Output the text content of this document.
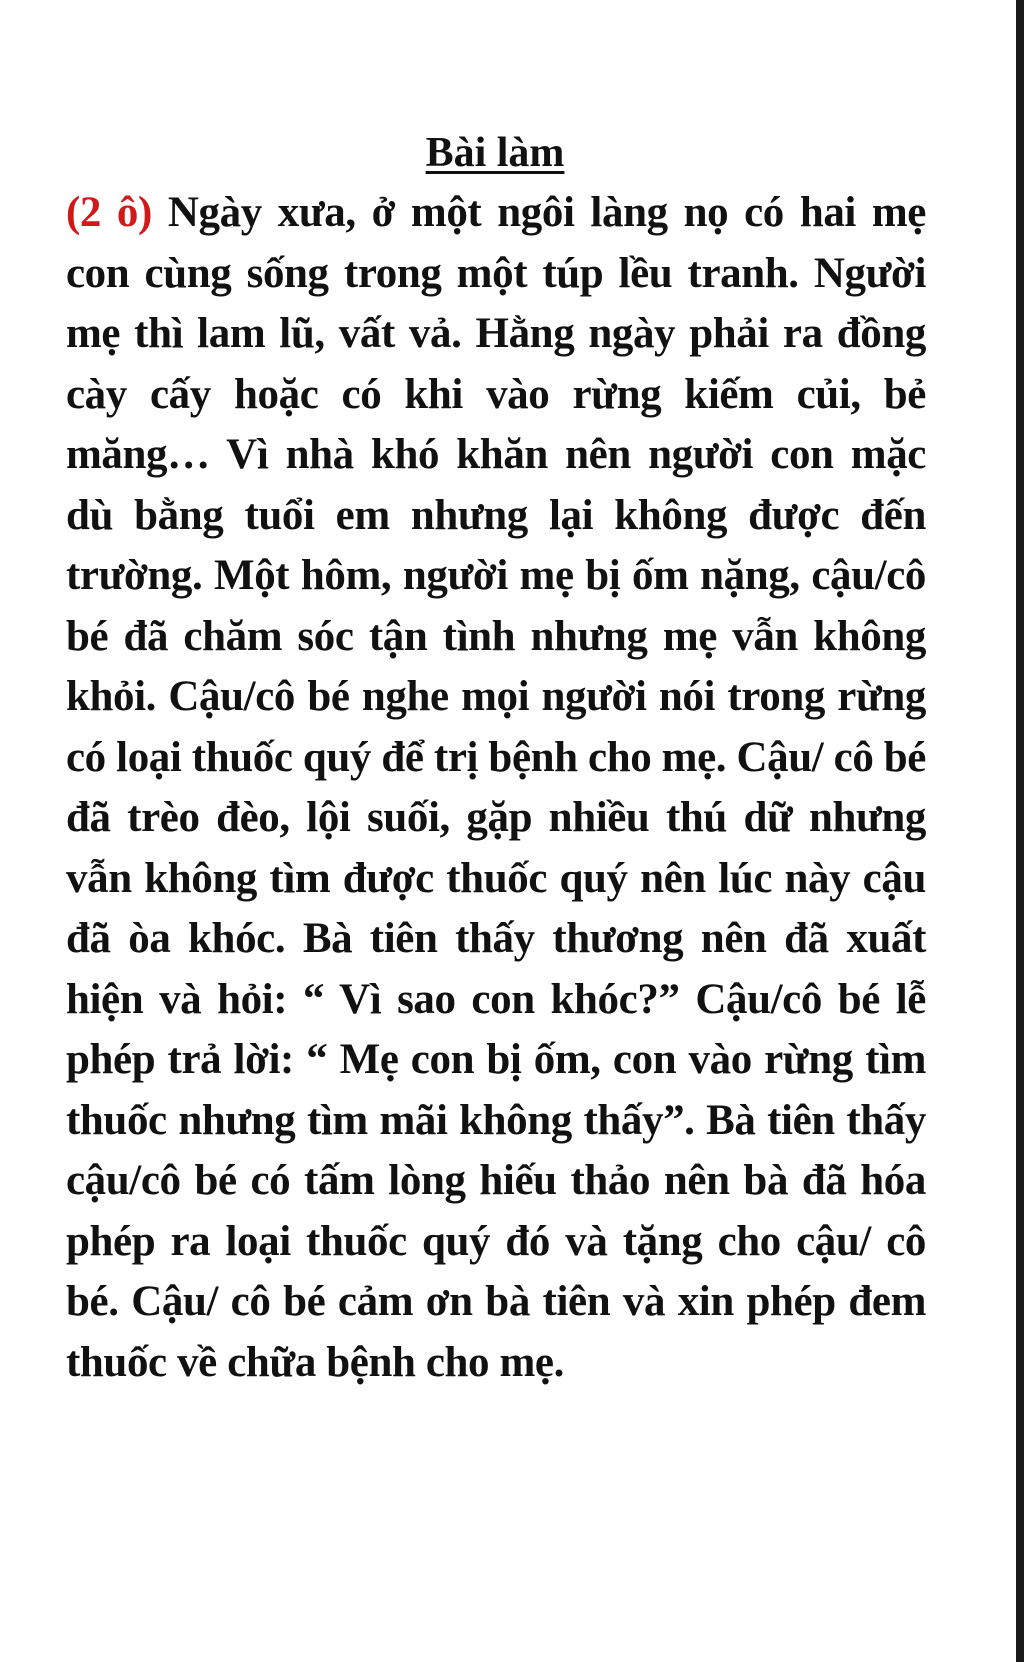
Bài làm

(2 ô) Ngày xưa, ở một ngôi làng nọ có hai mẹ con cùng sống trong một túp lều tranh. Người mẹ thì lam lũ, vất vả. Hằng ngày phải ra đồng cày cấy hoặc có khi vào rừng kiếm củi, bẻ măng… Vì nhà khó khăn nên người con mặc dù bằng tuổi em nhưng lại không được đến trường. Một hôm, người mẹ bị ốm nặng, cậu/cô bé đã chăm sóc tận tình nhưng mẹ vẫn không khỏi. Cậu/cô bé nghe mọi người nói trong rừng có loại thuốc quý để trị bệnh cho mẹ. Cậu/ cô bé đã trèo đèo, lội suối, gặp nhiều thú dữ nhưng vẫn không tìm được thuốc quý nên lúc này cậu đã òa khóc. Bà tiên thấy thương nên đã xuất hiện và hỏi: “ Vì sao con khóc?” Cậu/cô bé lễ phép trả lời: “ Mẹ con bị ốm, con vào rừng tìm thuốc nhưng tìm mãi không thấy”. Bà tiên thấy cậu/cô bé có tấm lòng hiếu thảo nên bà đã hóa phép ra loại thuốc quý đó và tặng cho cậu/ cô bé. Cậu/ cô bé cảm ơn bà tiên và xin phép đem thuốc về chữa bệnh cho mẹ.
